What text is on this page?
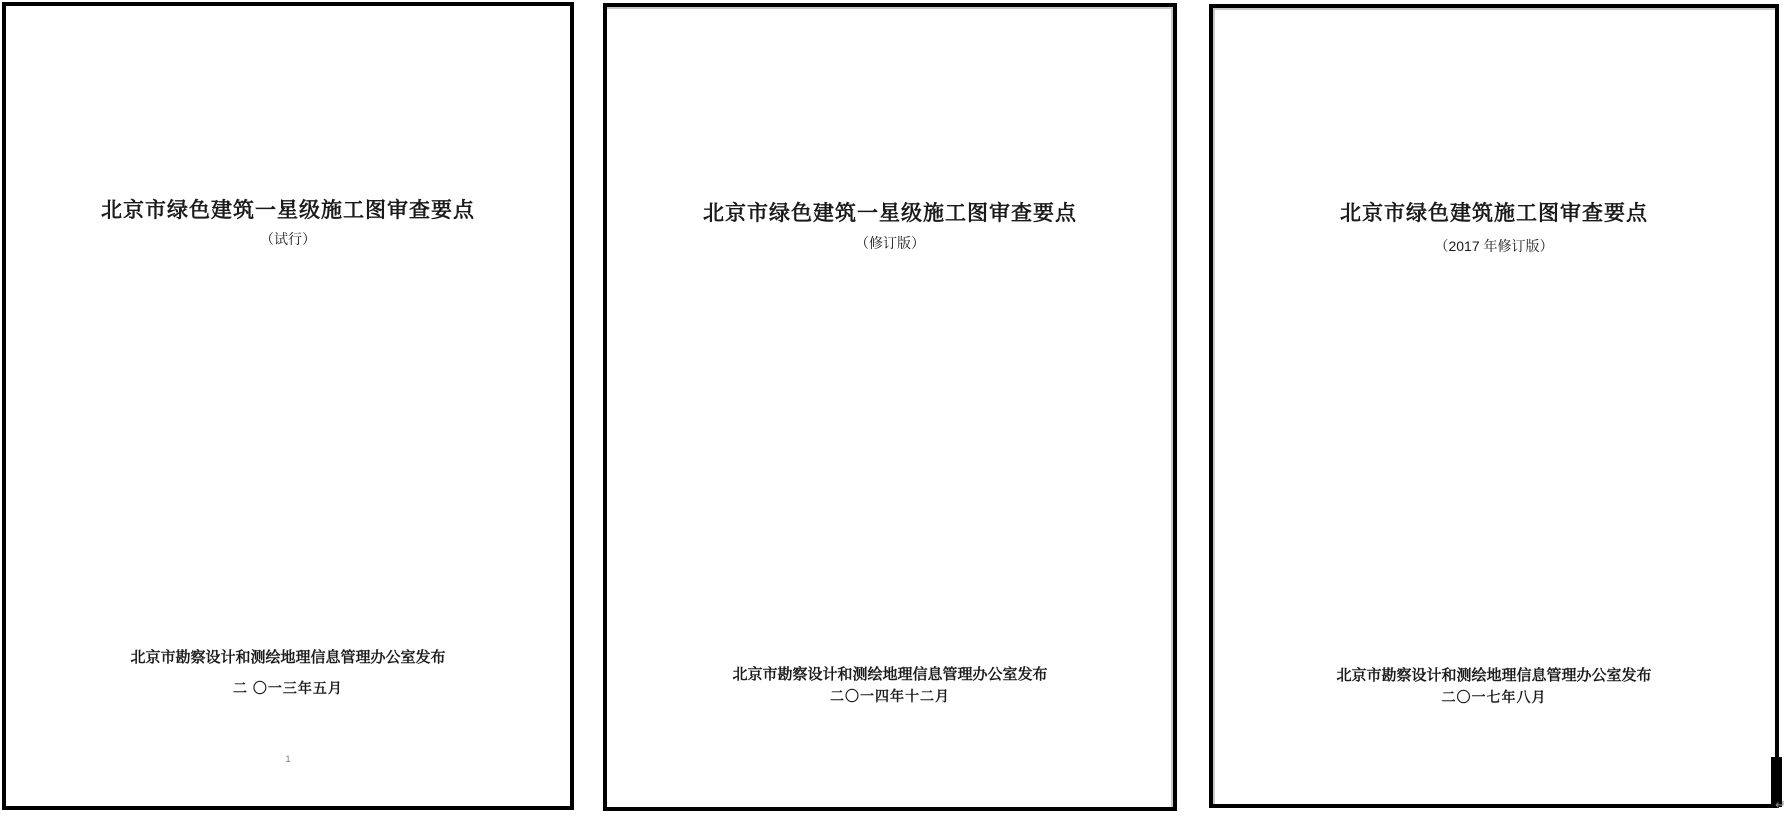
北京市绿色建筑一星级施工图审查要点
（试行）
北京市勘察设计和测绘地理信息管理办公室发布
二 〇一三年五月
1
北京市绿色建筑一星级施工图审查要点
（修订版）
北京市勘察设计和测绘地理信息管理办公室发布
二〇一四年十二月
北京市绿色建筑施工图审查要点
（2017 年修订版）
北京市勘察设计和测绘地理信息管理办公室发布
二〇一七年八月
↵
